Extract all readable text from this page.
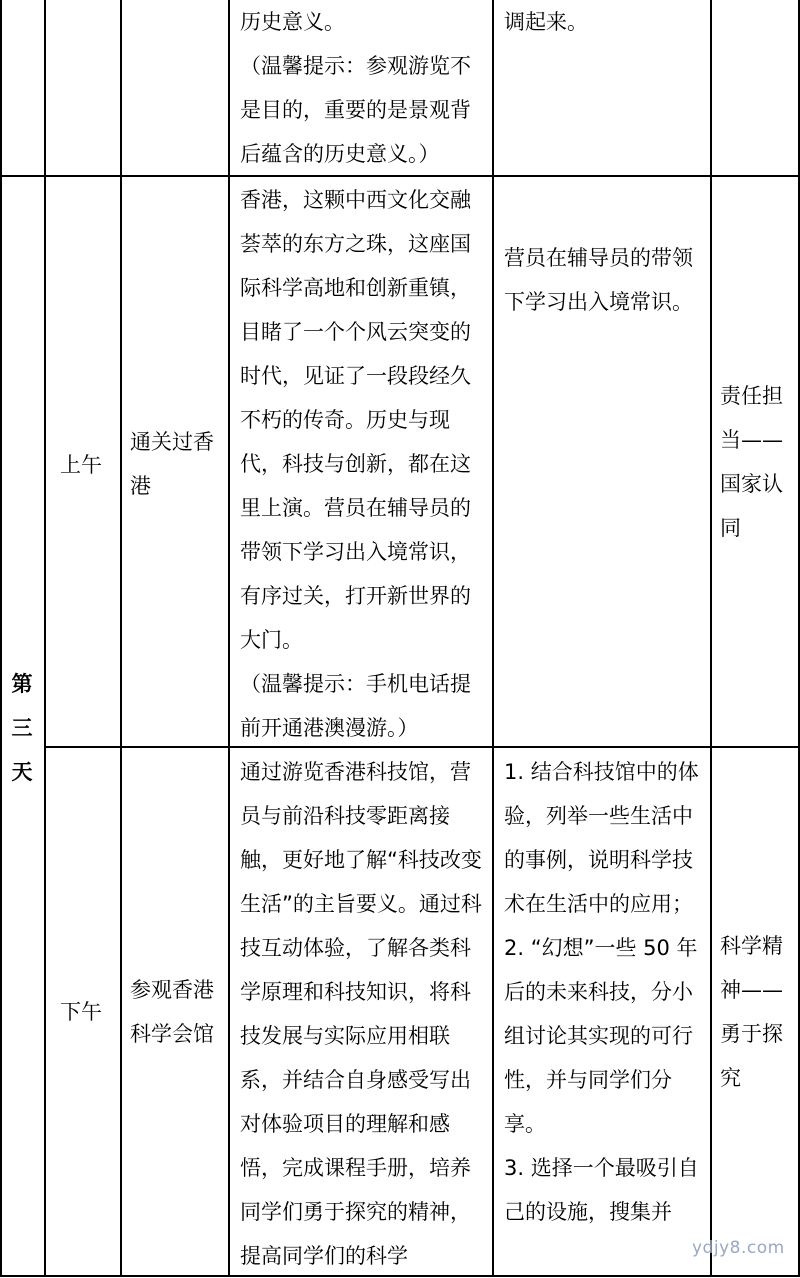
历史意义。

（温馨提示：参观游览不是目的，重要的是景观背后蕴含的历史意义。）

调起来。
第
三
天
上午
通关过香港

香港，这颗中西文化交融荟萃的东方之珠，这座国际科学高地和创新重镇，目睹了一个个风云突变的时代，见证了一段段经久不朽的传奇。历史与现代，科技与创新，都在这里上演。营员在辅导员的带领下学习出入境常识，有序过关，打开新世界的大门。

（温馨提示：手机电话提前开通港澳漫游。）

营员在辅导员的带领下学习出入境常识。
责任担当——国家认同
下午
参观香港科学会馆
通过游览香港科技馆，营员与前沿科技零距离接触，更好地了解“科技改变生活”的主旨要义。通过科技互动体验，了解各类科学原理和科技知识，将科技发展与实际应用相联系，并结合自身感受写出对体验项目的理解和感悟，完成课程手册，培养同学们勇于探究的精神，提高同学们的科学

1. 结合科技馆中的体验，列举一些生活中的事例，说明科学技术在生活中的应用；

2. “幻想”一些 50 年后的未来科技，分小组讨论其实现的可行性，并与同学们分享。

3. 选择一个最吸引自己的设施，搜集并

科学精神——勇于探究
ydjy8.com
